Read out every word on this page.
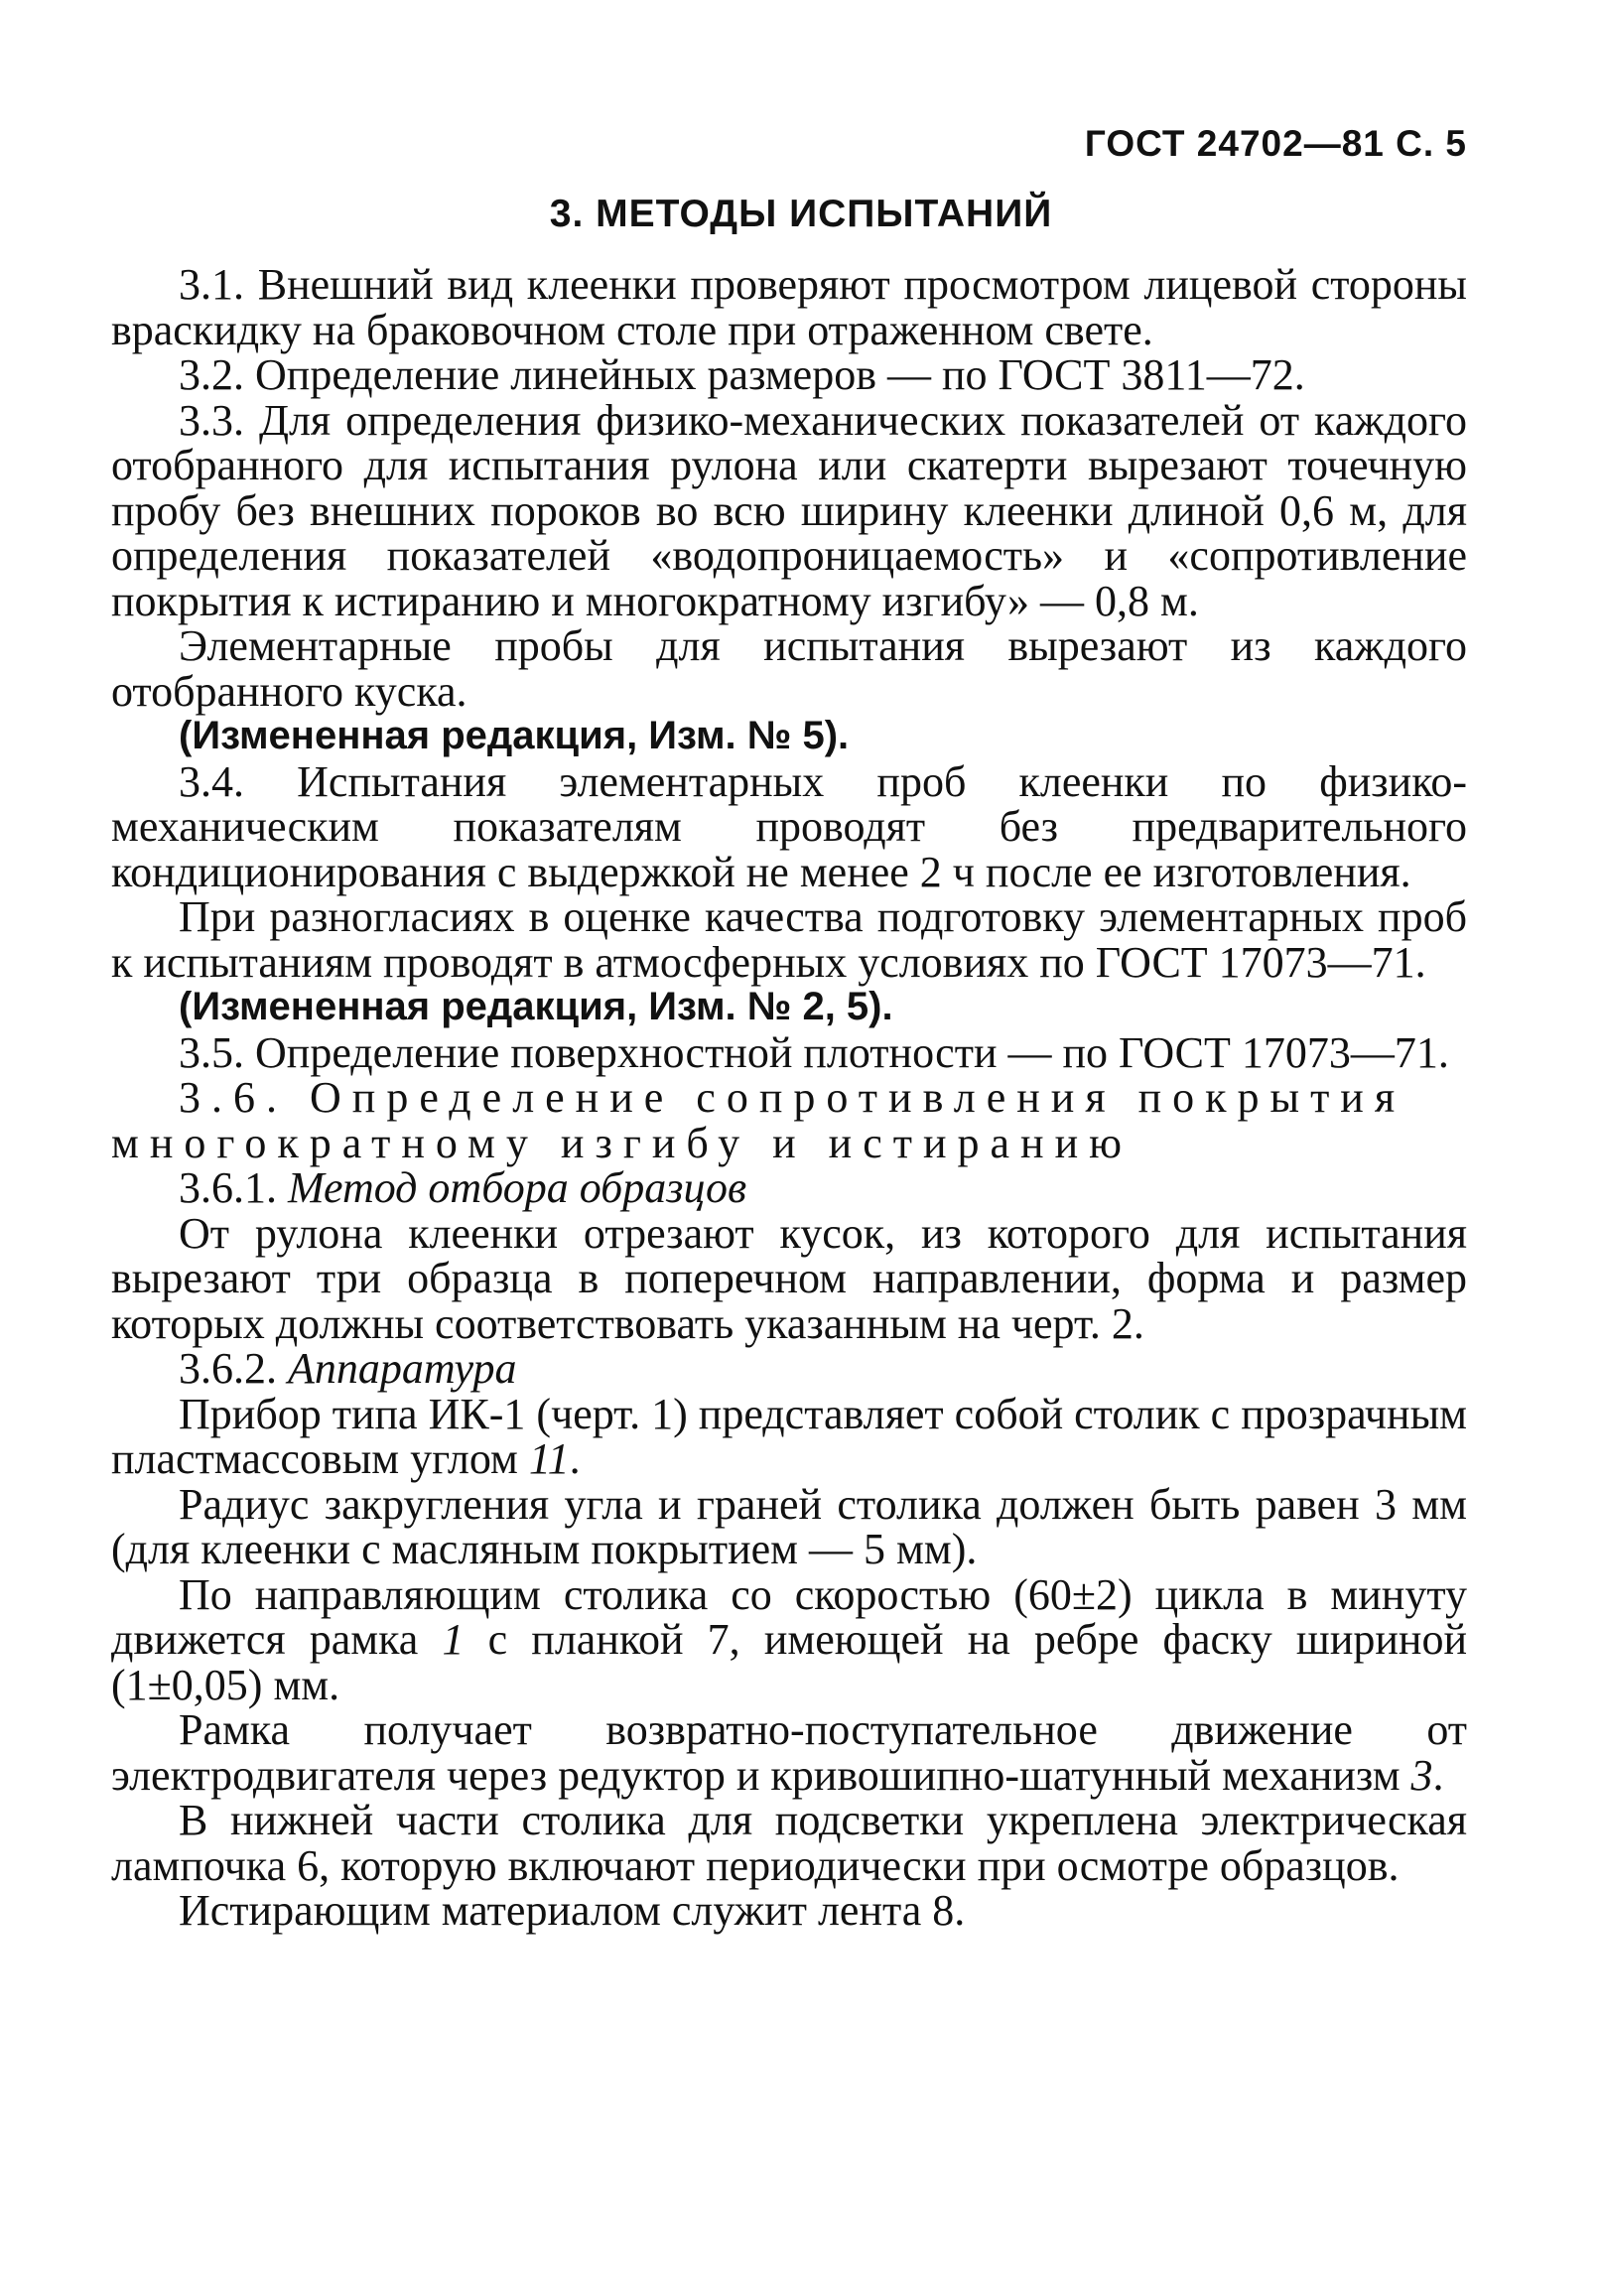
ГОСТ 24702—81 С. 5
3. МЕТОДЫ ИСПЫТАНИЙ

3.1. Внешний вид клеенки проверяют просмотром лицевой стороны враскидку на браковочном столе при отраженном свете.

3.2. Определение линейных размеров — по ГОСТ 3811—72.

3.3. Для определения физико-механических показателей от каждого отобранного для испытания рулона или скатерти вырезают точечную пробу без внешних пороков во всю ширину клеенки длиной 0,6 м, для определения показателей «водопроницаемость» и «сопротивление покрытия к истиранию и многократному изгибу» — 0,8 м.

Элементарные пробы для испытания вырезают из каждого отобранного куска.

(Измененная редакция, Изм. № 5).

3.4. Испытания элементарных проб клеенки по физико-механическим показателям проводят без предварительного кондиционирования с выдержкой не менее 2 ч после ее изготовления.

При разногласиях в оценке качества подготовку элементарных проб к испытаниям проводят в атмосферных условиях по ГОСТ 17073—71.

(Измененная редакция, Изм. № 2, 5).

3.5. Определение поверхностной плотности — по ГОСТ 17073—71.

3.6. Определение сопротивления покрытия многократному изгибу и истиранию

3.6.1. Метод отбора образцов

От рулона клеенки отрезают кусок, из которого для испытания вырезают три образца в поперечном направлении, форма и размер которых должны соответствовать указанным на черт. 2.

3.6.2. Аппаратура

Прибор типа ИК-1 (черт. 1) представляет собой столик с прозрачным пластмассовым углом 11.

Радиус закругления угла и граней столика должен быть равен 3 мм (для клеенки с масляным покрытием — 5 мм).

По направляющим столика со скоростью (60±2) цикла в минуту движется рамка 1 с планкой 7, имеющей на ребре фаску шириной (1±0,05) мм.

Рамка получает возвратно-поступательное движение от электродвигателя через редуктор и кривошипно-шатунный механизм 3.

В нижней части столика для подсветки укреплена электрическая лампочка 6, которую включают периодически при осмотре образцов.

Истирающим материалом служит лента 8.
